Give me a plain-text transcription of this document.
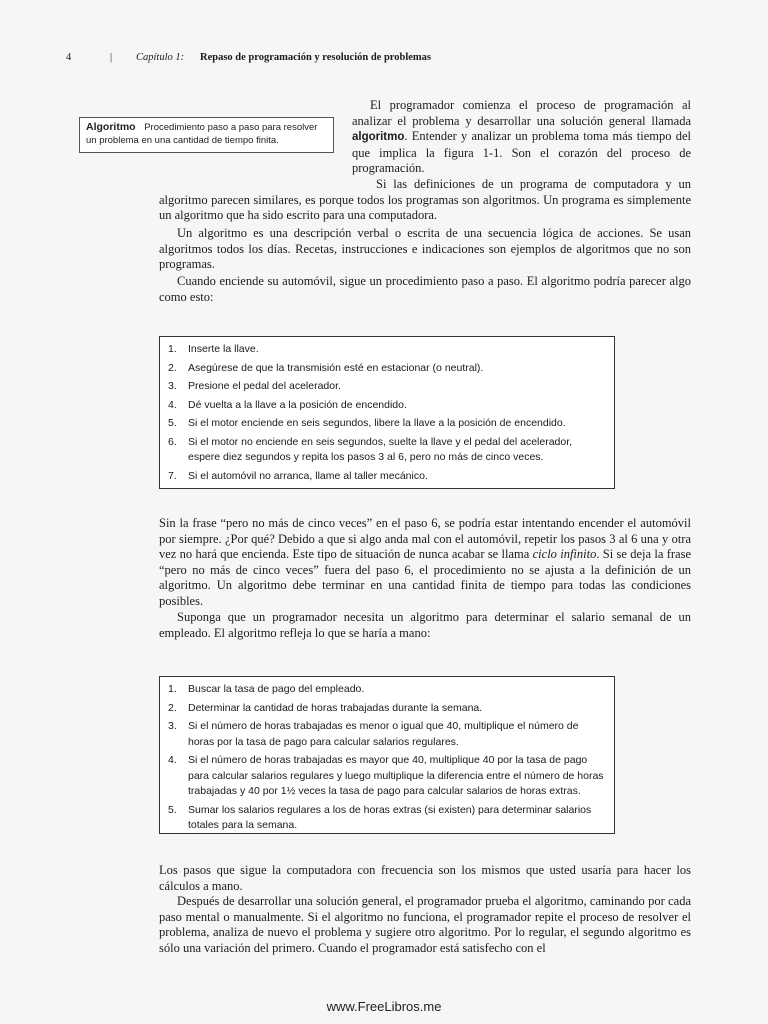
4	| Capítulo 1: Repaso de programación y resolución de problemas
Algoritmo Procedimiento paso a paso para resolver un problema en una cantidad de tiempo finita.

El programador comienza el proceso de programación al analizar el problema y desarrollar una solución general llamada algoritmo. Entender y analizar un problema toma más tiempo del que implica la figura 1-1. Son el corazón del proceso de programación.

Si las definiciones de un programa de computadora y un algoritmo parecen similares, es porque todos los programas son algoritmos. Un programa es simplemente un algoritmo que ha sido escrito para una computadora.

Un algoritmo es una descripción verbal o escrita de una secuencia lógica de acciones. Se usan algoritmos todos los días. Recetas, instrucciones e indicaciones son ejemplos de algoritmos que no son programas.

Cuando enciende su automóvil, sigue un procedimiento paso a paso. El algoritmo podría parecer algo como esto:

1. Inserte la llave.
2. Asegúrese de que la transmisión esté en estacionar (o neutral).
3. Presione el pedal del acelerador.
4. Dé vuelta a la llave a la posición de encendido.
5. Si el motor enciende en seis segundos, libere la llave a la posición de encendido.
6. Si el motor no enciende en seis segundos, suelte la llave y el pedal del acelerador, espere diez segundos y repita los pasos 3 al 6, pero no más de cinco veces.
7. Si el automóvil no arranca, llame al taller mecánico.

Sin la frase “pero no más de cinco veces” en el paso 6, se podría estar intentando encender el automóvil por siempre. ¿Por qué? Debido a que si algo anda mal con el automóvil, repetir los pasos 3 al 6 una y otra vez no hará que encienda. Este tipo de situación de nunca acabar se llama ciclo infinito. Si se deja la frase “pero no más de cinco veces” fuera del paso 6, el procedimiento no se ajusta a la definición de un algoritmo. Un algoritmo debe terminar en una cantidad finita de tiempo para todas las condiciones posibles.

Suponga que un programador necesita un algoritmo para determinar el salario semanal de un empleado. El algoritmo refleja lo que se haría a mano:

1. Buscar la tasa de pago del empleado.
2. Determinar la cantidad de horas trabajadas durante la semana.
3. Si el número de horas trabajadas es menor o igual que 40, multiplique el número de horas por la tasa de pago para calcular salarios regulares.
4. Si el número de horas trabajadas es mayor que 40, multiplique 40 por la tasa de pago para calcular salarios regulares y luego multiplique la diferencia entre el número de horas trabajadas y 40 por 1½ veces la tasa de pago para calcular salarios de horas extras.
5. Sumar los salarios regulares a los de horas extras (si existen) para determinar salarios totales para la semana.

Los pasos que sigue la computadora con frecuencia son los mismos que usted usaría para hacer los cálculos a mano.

Después de desarrollar una solución general, el programador prueba el algoritmo, caminando por cada paso mental o manualmente. Si el algoritmo no funciona, el programador repite el proceso de resolver el problema, analiza de nuevo el problema y sugiere otro algoritmo. Por lo regular, el segundo algoritmo es sólo una variación del primero. Cuando el programador está satisfecho con el

www.FreeLibros.me
